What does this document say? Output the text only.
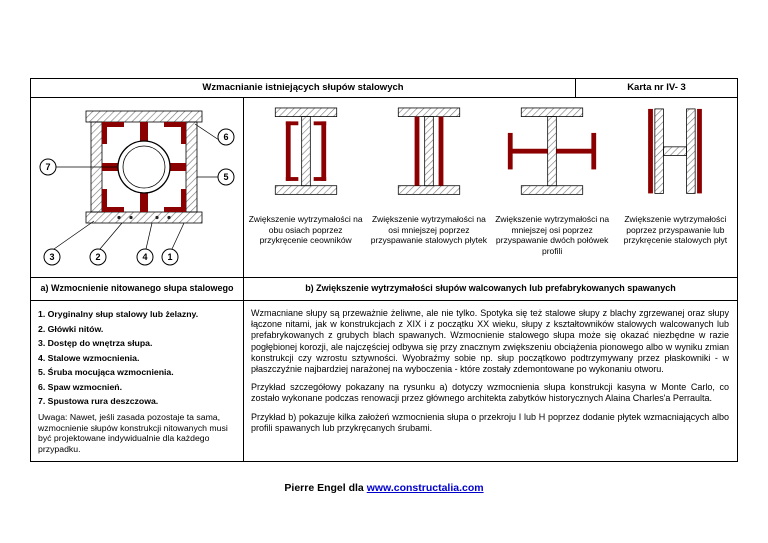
Wzmacnianie istniejących słupów stalowych	Karta nr IV- 3
6
7
5
3	2	4 1
Zwiększenie wytrzymałości na obu osiach poprzez przykręcenie ceowników
Zwiększenie wytrzymałości na osi mniejszej poprzez przyspawanie stalowych płytek
Zwiększenie wytrzymałości na mniejszej osi poprzez przyspawanie dwóch połówek profili
Zwiększenie wytrzymałości poprzez przyspawanie lub przykręcenie stalowych płyt
a) Wzmocnienie nitowanego słupa stalowego	b) Zwiększenie wytrzymałości słupów walcowanych lub prefabrykowanych spawanych
1. Oryginalny słup stalowy lub żelazny.
2. Główki nitów.
3. Dostęp do wnętrza słupa.
4. Stalowe wzmocnienia.
5. Śruba mocująca wzmocnienia.
6. Spaw wzmocnień.
7. Spustowa rura deszczowa.
Uwaga: Nawet, jeśli zasada pozostaje ta sama, wzmocnienie słupów konstrukcji nitowanych musi być projektowane indywidualnie dla każdego przypadku.

Wzmacniane słupy są przeważnie żeliwne, ale nie tylko. Spotyka się też stalowe słupy z blachy zgrzewanej oraz słupy łączone nitami, jak w konstrukcjach z XIX i z początku XX wieku, słupy z kształtowników stalowych walcowanych lub prefabrykowanych z grubych blach spawanych. Wzmocnienie stalowego słupa może się okazać niezbędne w razie pogłębionej korozji, ale najczęściej odbywa się przy znacznym zwiększeniu obciążenia pionowego albo w wyniku zmian konstrukcji czy wzrostu sztywności. Wyobraźmy sobie np. słup początkowo podtrzymywany przez płaskowniki - w płaszczyźnie najbardziej narażonej na wyboczenia - które zostały zdemontowane po wykonaniu otworu.

Przykład szczegółowy pokazany na rysunku a) dotyczy wzmocnienia słupa konstrukcji kasyna w Monte Carlo, co zostało wykonane podczas renowacji przez głównego architekta zabytków historycznych Alaina Charles'a Perraulta.

Przykład b) pokazuje kilka założeń wzmocnienia słupa o przekroju I lub H poprzez dodanie płytek wzmacniających albo profili spawanych lub przykręcanych śrubami.

Pierre Engel dla www.constructalia.com
